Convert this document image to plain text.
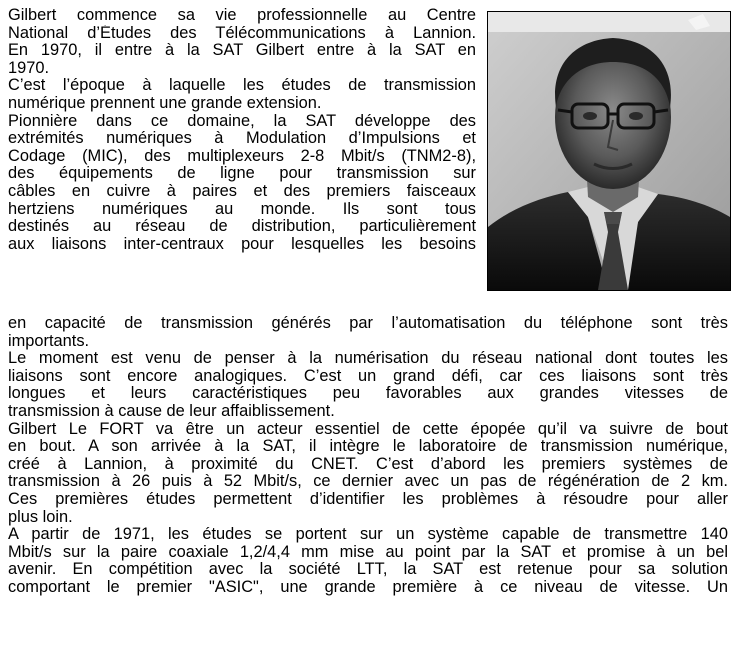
Gilbert commence sa vie professionnelle au Centre
National d’Études des Télécommunications à Lannion.
En 1970, il entre à la SAT Gilbert entre à la SAT en
1970.

C’est l’époque à laquelle les études de transmission
numérique prennent une grande extension.

Pionnière dans ce domaine, la SAT développe des
extrémités numériques à Modulation d’Impulsions et
Codage (MIC), des multiplexeurs 2-8 Mbit/s (TNM2-8),
des équipements de ligne pour transmission sur
câbles en cuivre à paires et des premiers faisceaux
hertziens numériques au monde. Ils sont tous
destinés au réseau de distribution, particulièrement
aux liaisons inter-centraux pour lesquelles les besoins

en capacité de transmission générés par l’automatisation du téléphone sont très
importants.

Le moment est venu de penser à la numérisation du réseau national dont toutes les
liaisons sont encore analogiques. C’est un grand défi, car ces liaisons sont très
longues et leurs caractéristiques peu favorables aux grandes vitesses de
transmission à cause de leur affaiblissement.

Gilbert Le FORT va être un acteur essentiel de cette épopée qu’il va suivre de bout
en bout. A son arrivée à la SAT, il intègre le laboratoire de transmission numérique,
créé à Lannion, à proximité du CNET. C’est d’abord les premiers systèmes de
transmission à 26 puis à 52 Mbit/s, ce dernier avec un pas de régénération de 2 km.
Ces premières études permettent d’identifier les problèmes à résoudre pour aller
plus loin.

A partir de 1971, les études se portent sur un système capable de transmettre 140
Mbit/s sur la paire coaxiale 1,2/4,4 mm mise au point par la SAT et promise à un bel
avenir. En compétition avec la société LTT, la SAT est retenue pour sa solution
comportant le premier "ASIC", une grande première à ce niveau de vitesse. Un
